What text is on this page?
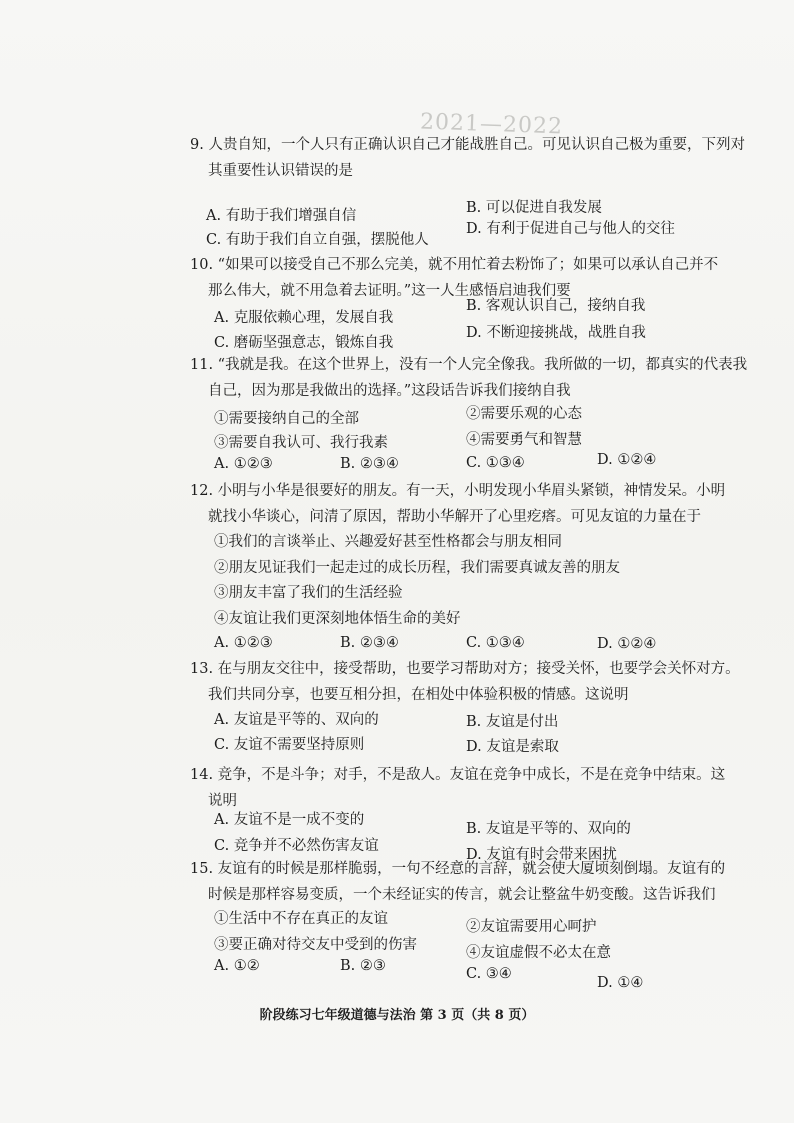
2021—2022
9. 人贵自知，一个人只有正确认识自己才能战胜自己。可见认识自己极为重要，下列对
其重要性认识错误的是
A. 有助于我们增强自信	B. 可以促进自我发展
C. 有助于我们自立自强，摆脱他人
D. 有利于促进自己与他人的交往
10. “如果可以接受自己不那么完美，就不用忙着去粉饰了；如果可以承认自己并不
那么伟大，就不用急着去证明。”这一人生感悟启迪我们要
A. 克服依赖心理，发展自我
B. 客观认识自己，接纳自我
C. 磨砺坚强意志，锻炼自我
D. 不断迎接挑战，战胜自我
11. “我就是我。在这个世界上，没有一个人完全像我。我所做的一切，都真实的代表我
自己，因为那是我做出的选择。”这段话告诉我们接纳自我
①需要接纳自己的全部	②需要乐观的心态
③需要自我认可、我行我素	④需要勇气和智慧
A. ①②③	B. ②③④	C. ①③④	D. ①②④
12. 小明与小华是很要好的朋友。有一天，小明发现小华眉头紧锁，神情发呆。小明
就找小华谈心，问清了原因，帮助小华解开了心里疙瘩。可见友谊的力量在于
①我们的言谈举止、兴趣爱好甚至性格都会与朋友相同
②朋友见证我们一起走过的成长历程，我们需要真诚友善的朋友
③朋友丰富了我们的生活经验
④友谊让我们更深刻地体悟生命的美好
A. ①②③	B. ②③④	C. ①③④	D. ①②④
13. 在与朋友交往中，接受帮助，也要学习帮助对方；接受关怀，也要学会关怀对方。
我们共同分享，也要互相分担，在相处中体验积极的情感。这说明
A. 友谊是平等的、双向的	B. 友谊是付出
C. 友谊不需要坚持原则	D. 友谊是索取
14. 竞争，不是斗争；对手，不是敌人。友谊在竞争中成长，不是在竞争中结束。这
说明
A. 友谊不是一成不变的
B. 友谊是平等的、双向的
C. 竞争并不必然伤害友谊
D. 友谊有时会带来困扰
15. 友谊有的时候是那样脆弱，一句不经意的言辞，就会使大厦顷刻倒塌。友谊有的
时候是那样容易变质，一个未经证实的传言，就会让整盆牛奶变酸。这告诉我们
①生活中不存在真正的友谊	②友谊需要用心呵护
③要正确对待交友中受到的伤害	④友谊虚假不必太在意
A. ①②	B. ②③	C. ③④
D. ①④
阶段练习七年级道德与法治 第 3 页（共 8 页）
